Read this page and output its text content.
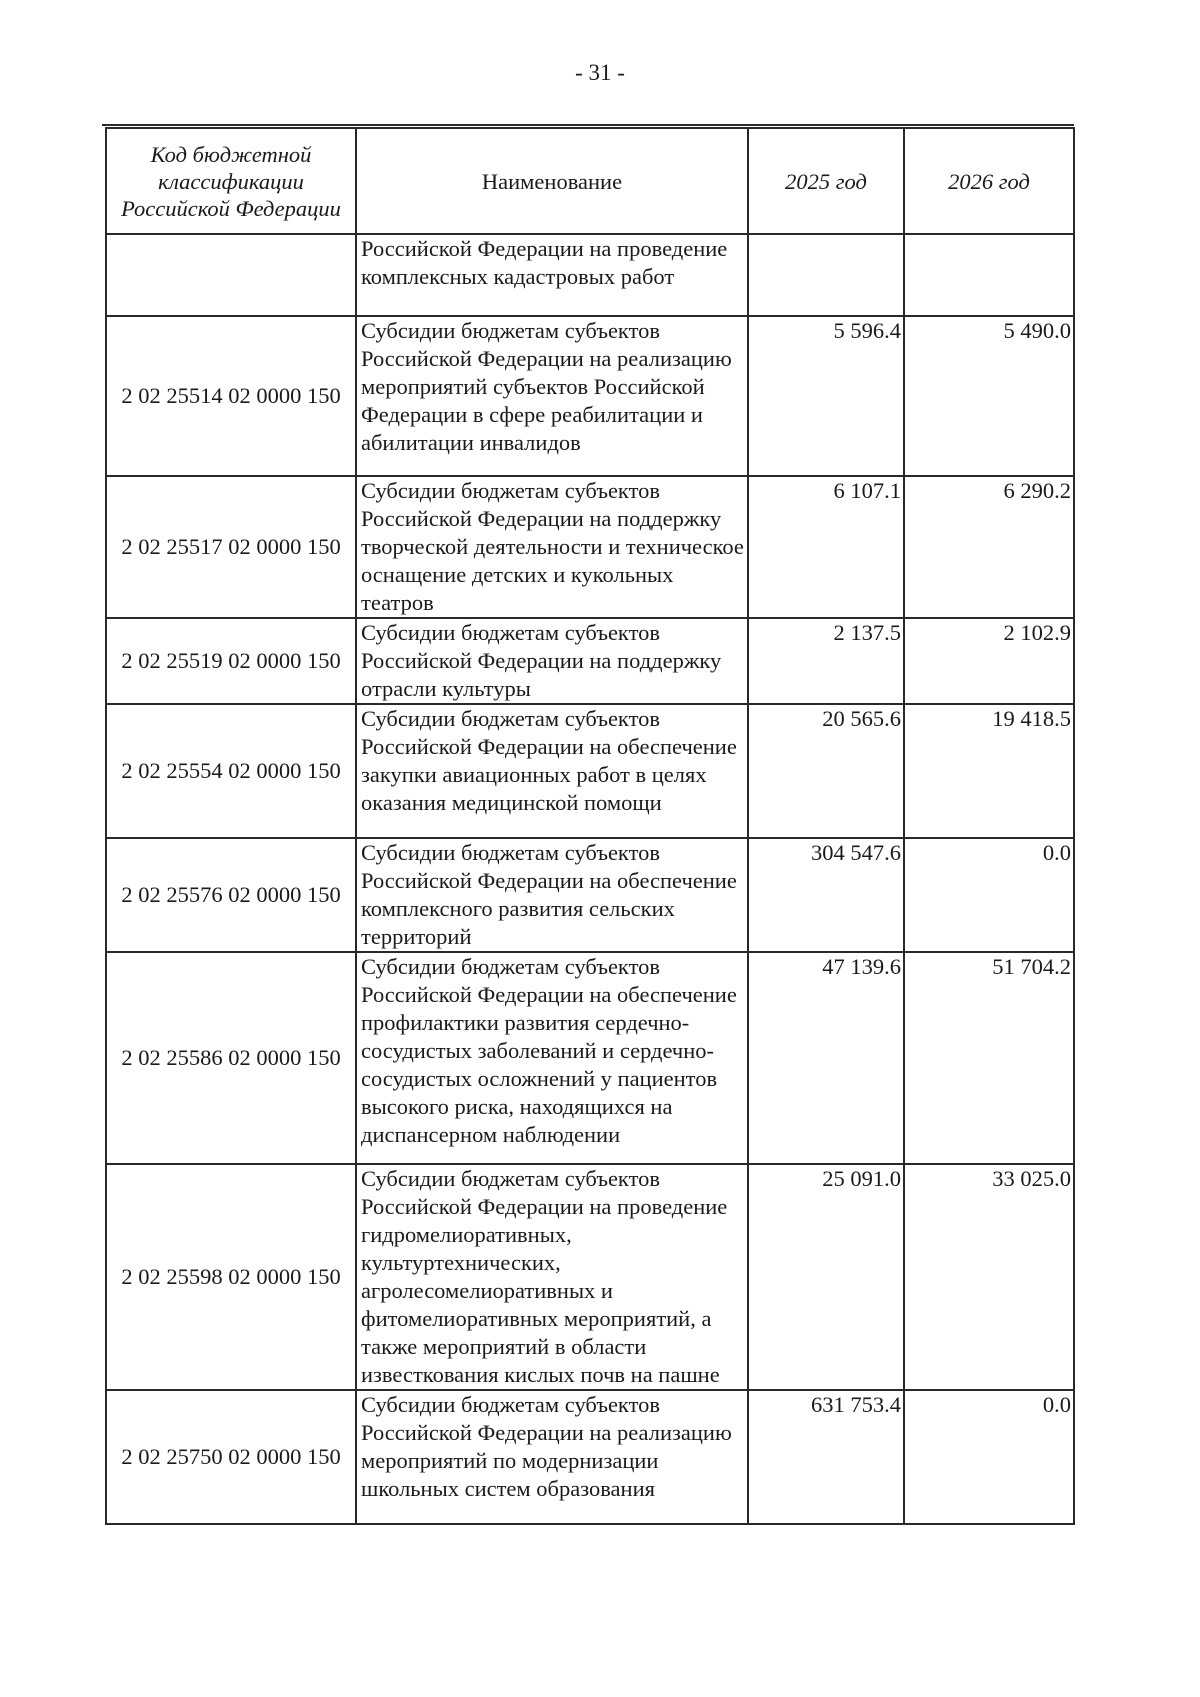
- 31 -
Код бюджетной классификации Российской Федерации	Наименование	2025 год	2026 год
	Российской Федерации на проведение комплексных кадастровых работ		
2 02 25514 02 0000 150	Субсидии бюджетам субъектов Российской Федерации на реализацию мероприятий субъектов Российской Федерации в сфере реабилитации и абилитации инвалидов	5 596.4	5 490.0
2 02 25517 02 0000 150	Субсидии бюджетам субъектов Российской Федерации на поддержку творческой деятельности и техническое оснащение детских и кукольных театров	6 107.1	6 290.2
2 02 25519 02 0000 150	Субсидии бюджетам субъектов Российской Федерации на поддержку отрасли культуры	2 137.5	2 102.9
2 02 25554 02 0000 150	Субсидии бюджетам субъектов Российской Федерации на обеспечение закупки авиационных работ в целях оказания медицинской помощи	20 565.6	19 418.5
2 02 25576 02 0000 150	Субсидии бюджетам субъектов Российской Федерации на обеспечение комплексного развития сельских территорий	304 547.6	0.0
2 02 25586 02 0000 150	Субсидии бюджетам субъектов Российской Федерации на обеспечение профилактики развития сердечно-сосудистых заболеваний и сердечно-сосудистых осложнений у пациентов высокого риска, находящихся на диспансерном наблюдении	47 139.6	51 704.2
2 02 25598 02 0000 150	Субсидии бюджетам субъектов Российской Федерации на проведение гидромелиоративных, культуртехнических, агролесомелиоративных и фитомелиоративных мероприятий, а также мероприятий в области известкования кислых почв на пашне	25 091.0	33 025.0
2 02 25750 02 0000 150	Субсидии бюджетам субъектов Российской Федерации на реализацию мероприятий по модернизации школьных систем образования	631 753.4	0.0
